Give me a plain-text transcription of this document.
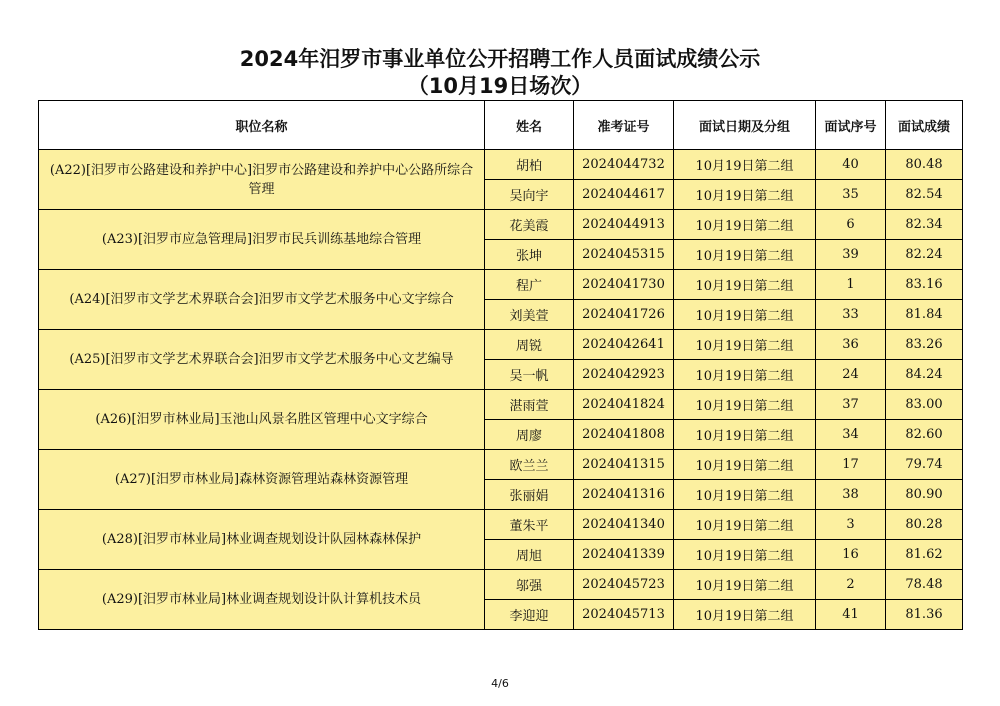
2024年汨罗市事业单位公开招聘工作人员面试成绩公示
（10月19日场次）
职位名称	姓名	准考证号	面试日期及分组	面试序号	面试成绩
(A22)[汨罗市公路建设和养护中心]汨罗市公路建设和养护中心公路所综合管理	胡柏	2024044732	10月19日第二组	40	80.48
	吴向宇	2024044617	10月19日第二组	35	82.54
(A23)[汨罗市应急管理局]汨罗市民兵训练基地综合管理	花美霞	2024044913	10月19日第二组	6	82.34
	张坤	2024045315	10月19日第二组	39	82.24
(A24)[汨罗市文学艺术界联合会]汨罗市文学艺术服务中心文字综合	程广	2024041730	10月19日第二组	1	83.16
	刘美萱	2024041726	10月19日第二组	33	81.84
(A25)[汨罗市文学艺术界联合会]汨罗市文学艺术服务中心文艺编导	周锐	2024042641	10月19日第二组	36	83.26
	吴一帆	2024042923	10月19日第二组	24	84.24
(A26)[汨罗市林业局]玉池山风景名胜区管理中心文字综合	湛雨萱	2024041824	10月19日第二组	37	83.00
	周廖	2024041808	10月19日第二组	34	82.60
(A27)[汨罗市林业局]森林资源管理站森林资源管理	欧兰兰	2024041315	10月19日第二组	17	79.74
	张丽娟	2024041316	10月19日第二组	38	80.90
(A28)[汨罗市林业局]林业调查规划设计队园林森林保护	董朱平	2024041340	10月19日第二组	3	80.28
	周旭	2024041339	10月19日第二组	16	81.62
(A29)[汨罗市林业局]林业调查规划设计队计算机技术员	邬强	2024045723	10月19日第二组	2	78.48
	李迎迎	2024045713	10月19日第二组	41	81.36
4/6
